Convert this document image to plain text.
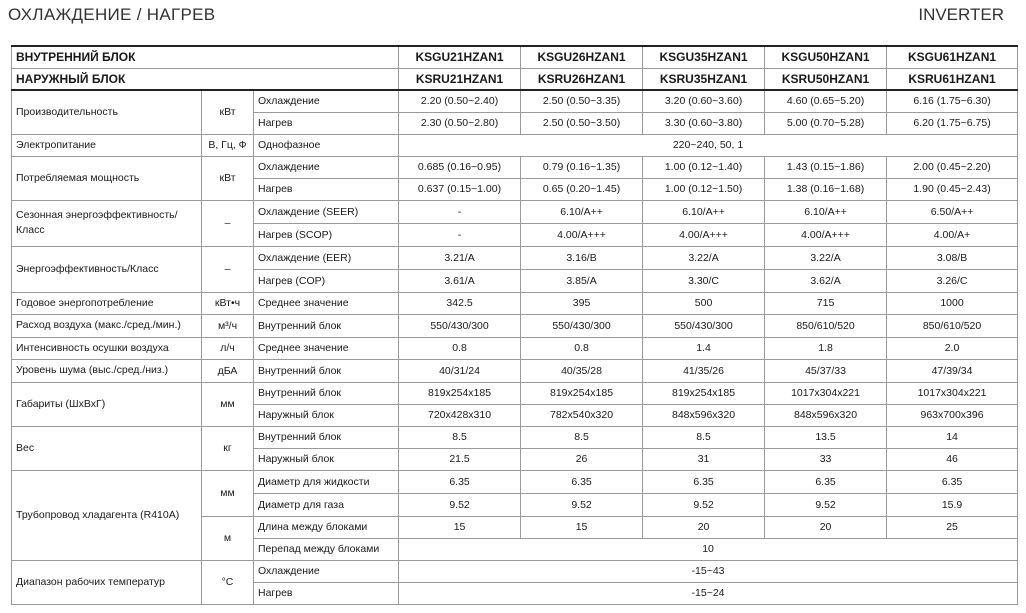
ОХЛАЖДЕНИЕ / НАГРЕВ	INVERTER
ВНУТРЕННИЙ БЛОК			KSGU21HZAN1	KSGU26HZAN1	KSGU35HZAN1	KSGU50HZAN1	KSGU61HZAN1
НАРУЖНЫЙ БЛОК			KSRU21HZAN1	KSRU26HZAN1	KSRU35HZAN1	KSRU50HZAN1	KSRU61HZAN1
Производительность	кВт	Охлаждение	2.20 (0.50~2.40)	2.50 (0.50~3.35)	3.20 (0.60~3.60)	4.60 (0.65~5.20)	6.16 (1.75~6.30)
		Нагрев	2.30 (0.50~2.80)	2.50 (0.50~3.50)	3.30 (0.60~3.80)	5.00 (0.70~5.28)	6.20 (1.75~6.75)
Электропитание	В, Гц, Ф	Однофазное	220~240, 50, 1				
Потребляемая мощность	кВт	Охлаждение	0.685 (0.16~0.95)	0.79 (0.16~1.35)	1.00 (0.12~1.40)	1.43 (0.15~1.86)	2.00 (0.45~2.20)
		Нагрев	0.637 (0.15~1.00)	0.65 (0.20~1.45)	1.00 (0.12~1.50)	1.38 (0.16~1.68)	1.90 (0.45~2.43)
Сезонная энергоэффективность/ Класс	–	Охлаждение (SEER)	-	6.10/A++	6.10/A++	6.10/A++	6.50/A++
		Нагрев (SCOP)	-	4.00/A+++	4.00/A+++	4.00/A+++	4.00/A+
Энергоэффективность/Класс	–	Охлаждение (EER)	3.21/A	3.16/B	3.22/A	3.22/A	3.08/B
		Нагрев (COP)	3.61/A	3.85/A	3.30/C	3.62/A	3.26/C
Годовое энергопотребление	кВт•ч	Среднее значение	342.5	395	500	715	1000
Расход воздуха (макс./сред./мин.)	м³/ч	Внутренний блок	550/430/300	550/430/300	550/430/300	850/610/520	850/610/520
Интенсивность осушки воздуха	л/ч	Среднее значение	0.8	0.8	1.4	1.8	2.0
Уровень шума (выс./сред./низ.)	дБА	Внутренний блок	40/31/24	40/35/28	41/35/26	45/37/33	47/39/34
Габариты (ШхВхГ)	мм	Внутренний блок	819x254x185	819x254x185	819x254x185	1017x304x221	1017x304x221
		Наружный блок	720x428x310	782x540x320	848x596x320	848x596x320	963x700x396
Вес	кг	Внутренний блок	8.5	8.5	8.5	13.5	14
		Наружный блок	21.5	26	31	33	46
Трубопровод хладагента (R410A)	мм	Диаметр для жидкости	6.35	6.35	6.35	6.35	6.35
		Диаметр для газа	9.52	9.52	9.52	9.52	15.9
	м	Длина между блоками	15	15	20	20	25
		Перепад между блоками	10				
Диапазон рабочих температур	°C	Охлаждение	-15~43				
		Нагрев	-15~24				
